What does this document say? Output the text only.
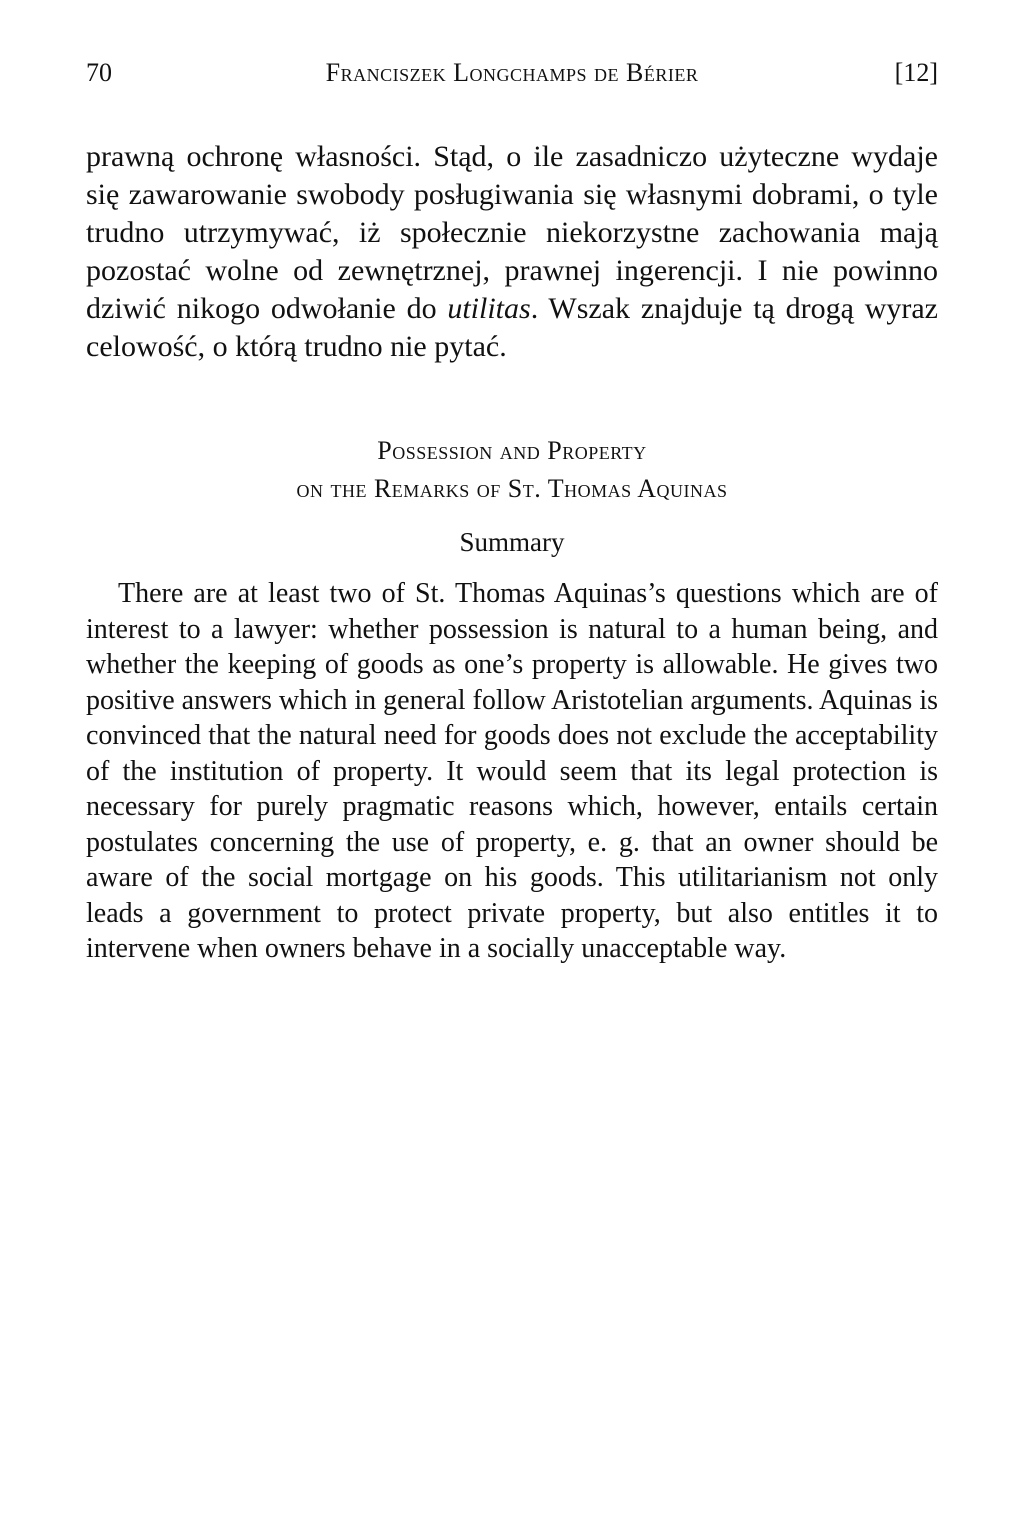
70	Franciszek Longchamps de Bérier	[12]

prawną ochronę własności. Stąd, o ile zasadniczo użyteczne wydaje się zawarowanie swobody posługiwania się własnymi dobrami, o tyle trudno utrzymywać, iż społecznie niekorzystne zachowania mają pozostać wolne od zewnętrznej, prawnej ingerencji. I nie powinno dziwić nikogo odwołanie do utilitas. Wszak znajduje tą drogą wyraz celowość, o którą trudno nie pytać.

Possession and Property
on the Remarks of St. Thomas Aquinas
Summary

There are at least two of St. Thomas Aquinas’s questions which are of interest to a lawyer: whether possession is natural to a human being, and whether the keeping of goods as one’s property is allowable. He gives two positive answers which in general follow Aristotelian arguments. Aquinas is convinced that the natural need for goods does not exclude the acceptability of the institution of property. It would seem that its legal protection is necessary for purely pragmatic reasons which, however, entails certain postulates concerning the use of property, e. g. that an owner should be aware of the social mortgage on his goods. This utilitarianism not only leads a government to protect private property, but also entitles it to intervene when owners behave in a socially unacceptable way.
